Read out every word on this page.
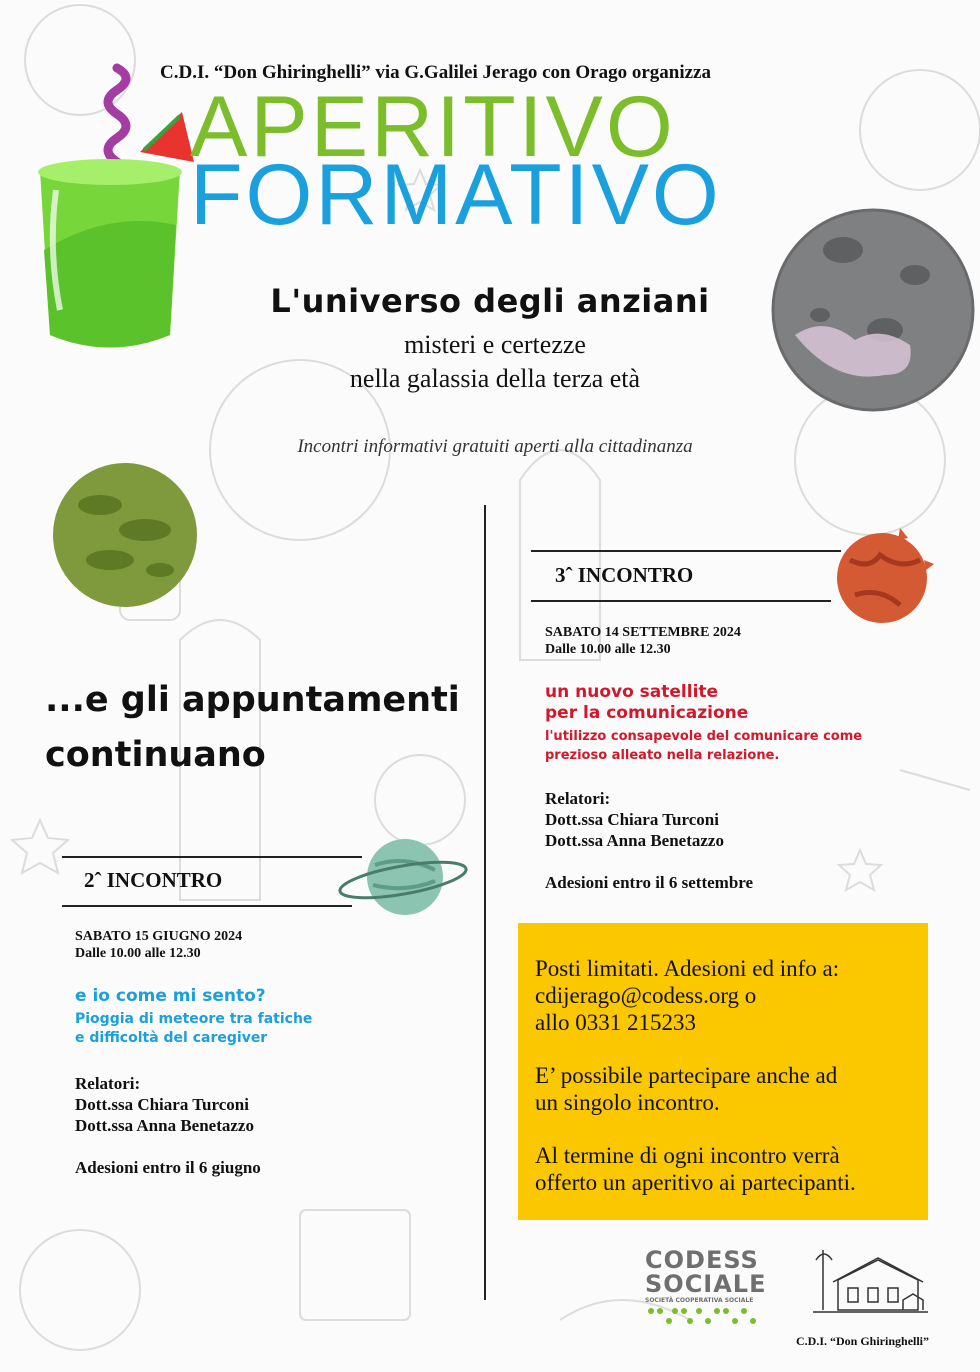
C.D.I. “Don Ghiringhelli” via G.Galilei Jerago con Orago organizza
APERITIVO
FORMATIVO
L'universo degli anziani
misteri e certezze
nella galassia della terza età
Incontri informativi gratuiti aperti alla cittadinanza
...e gli appuntamenti
continuano
2ˆ INCONTRO
SABATO 15 GIUGNO 2024
Dalle 10.00 alle 12.30
e io come mi sento?
Pioggia di meteore tra fatiche
e difficoltà del caregiver
Relatori:
Dott.ssa Chiara Turconi
Dott.ssa Anna Benetazzo
Adesioni entro il 6 giugno
3ˆ INCONTRO
SABATO 14 SETTEMBRE 2024
Dalle 10.00 alle 12.30
un nuovo satellite
per la comunicazione
l'utilizzo consapevole del comunicare come
prezioso alleato nella relazione.
Relatori:
Dott.ssa Chiara Turconi
Dott.ssa Anna Benetazzo
Adesioni entro il 6 settembre

Posti limitati. Adesioni ed info a:
cdijerago@codess.org o
allo 0331 215233

E’ possibile partecipare anche ad
un singolo incontro.

Al termine di ogni incontro verrà
offerto un aperitivo ai partecipanti.

CODESS
SOCIALE
SOCIETÀ COOPERATIVA SOCIALE
C.D.I. “Don Ghiringhelli”
